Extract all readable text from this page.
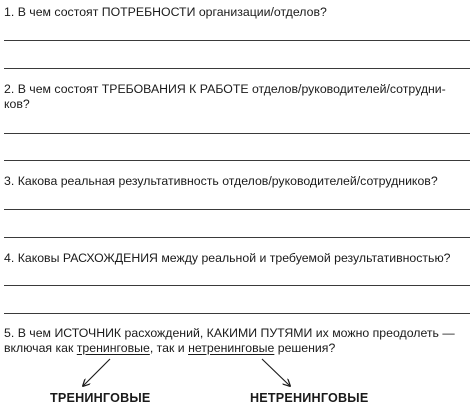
1. В чем состоят ПОТРЕБНОСТИ организации/отделов?

2. В чем состоят ТРЕБОВАНИЯ К РАБОТЕ отделов/руководителей/сотрудни-
ков?

3. Какова реальная результативность отделов/руководителей/сотрудников?

4. Каковы РАСХОЖДЕНИЯ между реальной и требуемой результативностью?

5. В чем ИСТОЧНИК расхождений, КАКИМИ ПУТЯМИ их можно преодолеть —
включая как тренинговые, так и нетренинговые решения?

ТРЕНИНГОВЫЕ	НЕТРЕНИНГОВЫЕ
